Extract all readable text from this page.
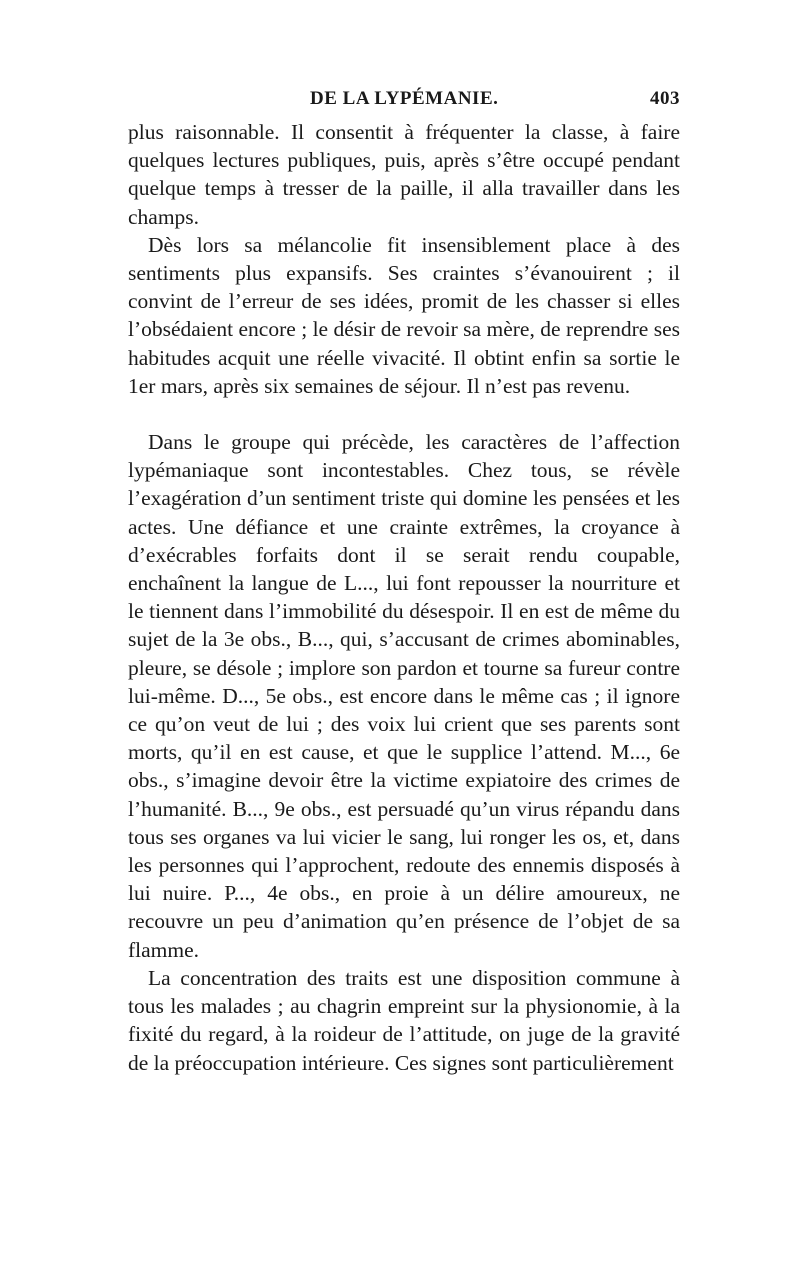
DE LA LYPÉMANIE.	403

plus raisonnable. Il consentit à fréquenter la classe, à faire quelques lectures publiques, puis, après s’être occupé pendant quelque temps à tresser de la paille, il alla travailler dans les champs.

Dès lors sa mélancolie fit insensiblement place à des sentiments plus expansifs. Ses craintes s’évanouirent ; il convint de l’erreur de ses idées, promit de les chasser si elles l’obsédaient encore ; le désir de revoir sa mère, de reprendre ses habitudes acquit une réelle vivacité. Il obtint enfin sa sortie le 1er mars, après six semaines de séjour. Il n’est pas revenu.

Dans le groupe qui précède, les caractères de l’affection lypémaniaque sont incontestables. Chez tous, se révèle l’exagération d’un sentiment triste qui domine les pensées et les actes. Une défiance et une crainte extrêmes, la croyance à d’exécrables forfaits dont il se serait rendu coupable, enchaînent la langue de L..., lui font repousser la nourriture et le tiennent dans l’immobilité du désespoir. Il en est de même du sujet de la 3e obs., B..., qui, s’accusant de crimes abominables, pleure, se désole ; implore son pardon et tourne sa fureur contre lui-même. D..., 5e obs., est encore dans le même cas ; il ignore ce qu’on veut de lui ; des voix lui crient que ses parents sont morts, qu’il en est cause, et que le supplice l’attend. M..., 6e obs., s’imagine devoir être la victime expiatoire des crimes de l’humanité. B..., 9e obs., est persuadé qu’un virus répandu dans tous ses organes va lui vicier le sang, lui ronger les os, et, dans les personnes qui l’approchent, redoute des ennemis disposés à lui nuire. P..., 4e obs., en proie à un délire amoureux, ne recouvre un peu d’animation qu’en présence de l’objet de sa flamme.

La concentration des traits est une disposition commune à tous les malades ; au chagrin empreint sur la physionomie, à la fixité du regard, à la roideur de l’attitude, on juge de la gravité de la préoccupation intérieure. Ces signes sont particulièrement
